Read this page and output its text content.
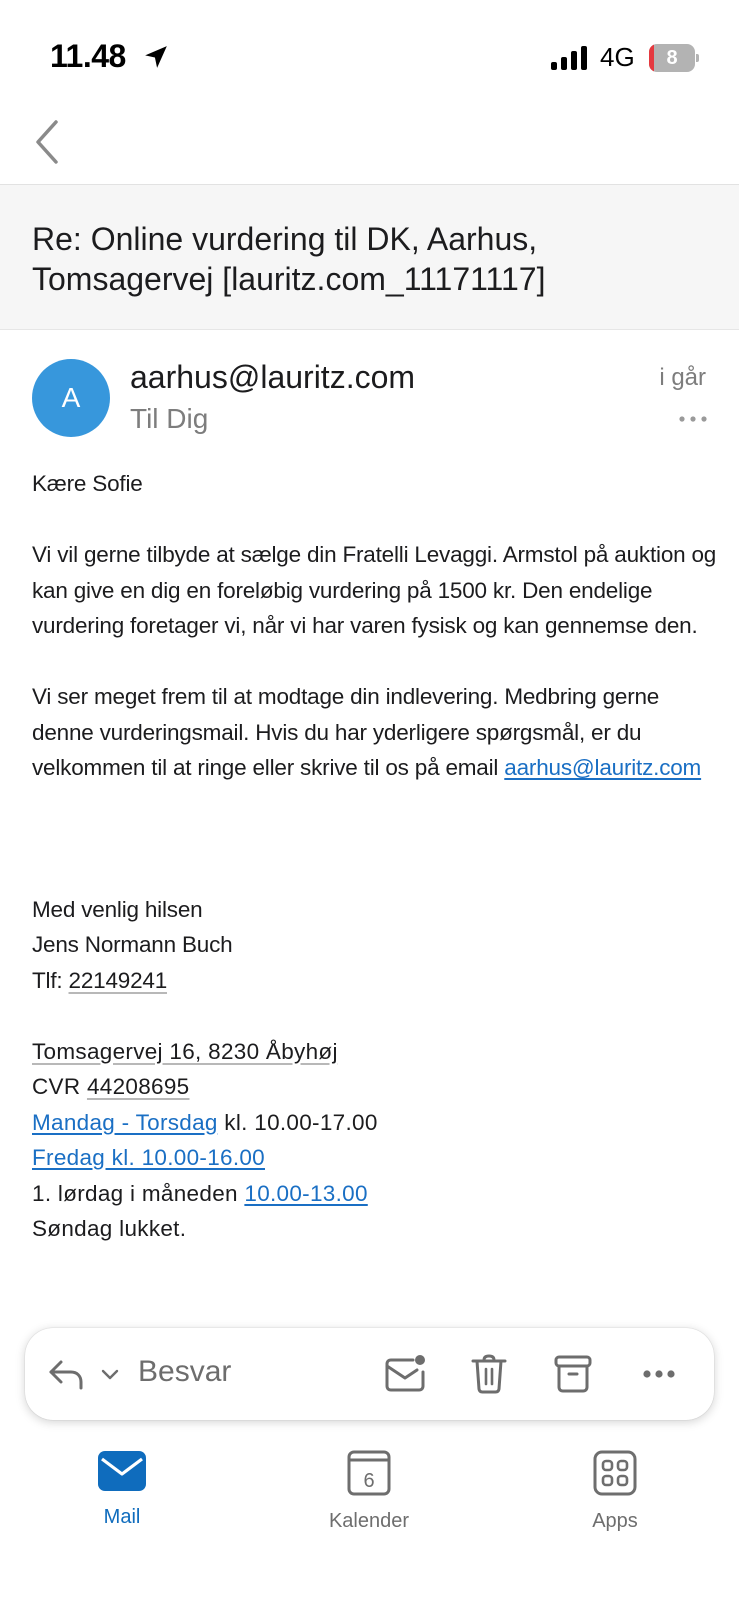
11.48	4G	8
Re: Online vurdering til DK, Aarhus, Tomsagervej [lauritz.com_11171117]
A
aarhus@lauritz.com
Til Dig
i går

Kære Sofie

Vi vil gerne tilbyde at sælge din Fratelli Levaggi. Armstol på auktion og kan give en dig en foreløbig vurdering på 1500 kr. Den endelige vurdering foretager vi, når vi har varen fysisk og kan gennemse den.

Vi ser meget frem til at modtage din indlevering. Medbring gerne denne vurderingsmail. Hvis du har yderligere spørgsmål, er du velkommen til at ringe eller skrive til os på email aarhus@lauritz.com

Med venlig hilsen

Jens Normann Buch

Tlf: 22149241

Tomsagervej 16, 8230 Åbyhøj

CVR 44208695

Mandag - Torsdag kl. 10.00-17.00

Fredag kl. 10.00-16.00

1. lørdag i måneden 10.00-13.00

Søndag lukket.

Besvar
Mail
6
Kalender	Apps
